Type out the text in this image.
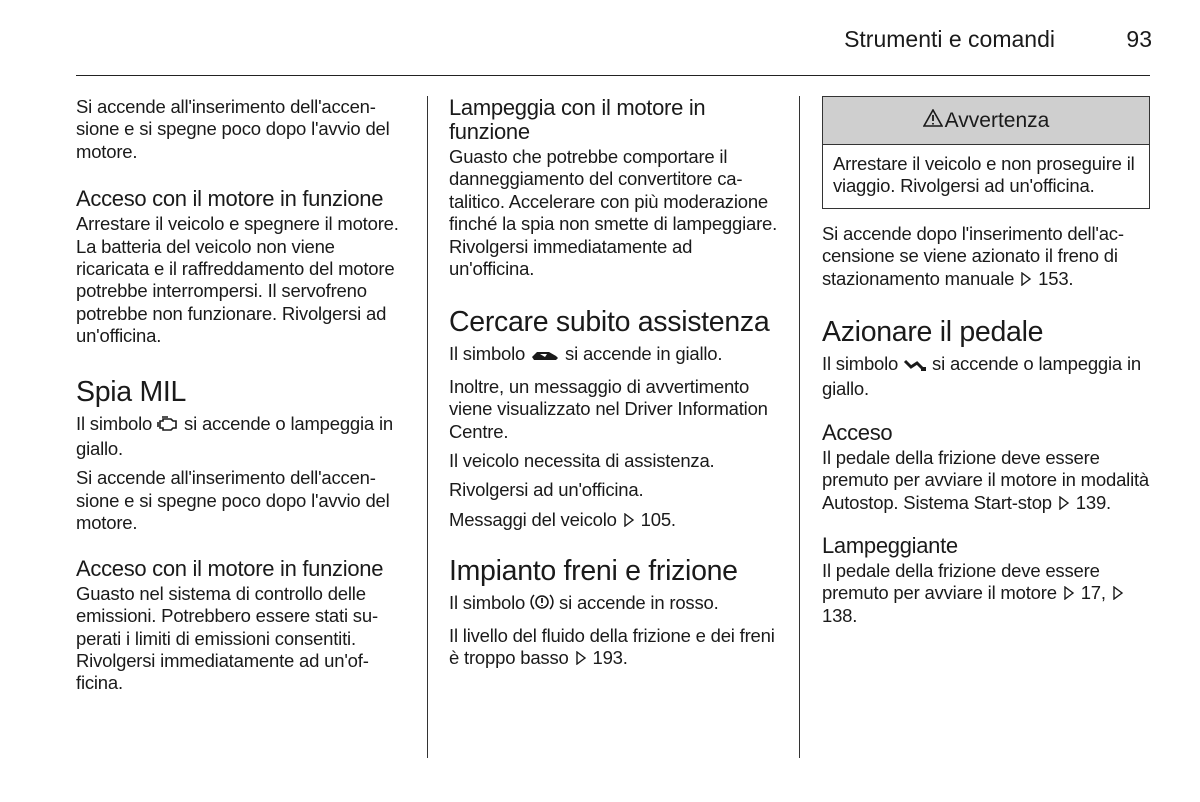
Strumenti e comandi	93

Si accende all'inserimento dell'accensione e si spegne poco dopo l'avvio del motore.

Acceso con il motore in funzione

Arrestare il veicolo e spegnere il motore. La batteria del veicolo non viene ricaricata e il raffreddamento del motore potrebbe interrompersi. Il servofreno potrebbe non funzionare. Rivolgersi ad un'officina.

Spia MIL

Il simbolo si accende o lampeggia in giallo.

Si accende all'inserimento dell'accensione e si spegne poco dopo l'avvio del motore.

Acceso con il motore in funzione

Guasto nel sistema di controllo delle emissioni. Potrebbero essere stati superati i limiti di emissioni consentiti. Rivolgersi immediatamente ad un'officina.

Lampeggia con il motore in funzione

Guasto che potrebbe comportare il danneggiamento del convertitore catalitico. Accelerare con più moderazione finché la spia non smette di lampeggiare. Rivolgersi immediatamente ad un'officina.

Cercare subito assistenza

Il simbolo si accende in giallo.

Inoltre, un messaggio di avvertimento viene visualizzato nel Driver Information Centre.

Il veicolo necessita di assistenza.

Rivolgersi ad un'officina.

Messaggi del veicolo 105.

Impianto freni e frizione

Il simbolo si accende in rosso.

Il livello del fluido della frizione e dei freni è troppo basso 193.

Avvertenza

Arrestare il veicolo e non proseguire il viaggio. Rivolgersi ad un'officina.

Si accende dopo l'inserimento dell'accensione se viene azionato il freno di stazionamento manuale 153.

Azionare il pedale

Il simbolo si accende o lampeggia in giallo.

Acceso

Il pedale della frizione deve essere premuto per avviare il motore in modalità Autostop. Sistema Start-stop 139.

Lampeggiante

Il pedale della frizione deve essere premuto per avviare il motore 17,  138.
